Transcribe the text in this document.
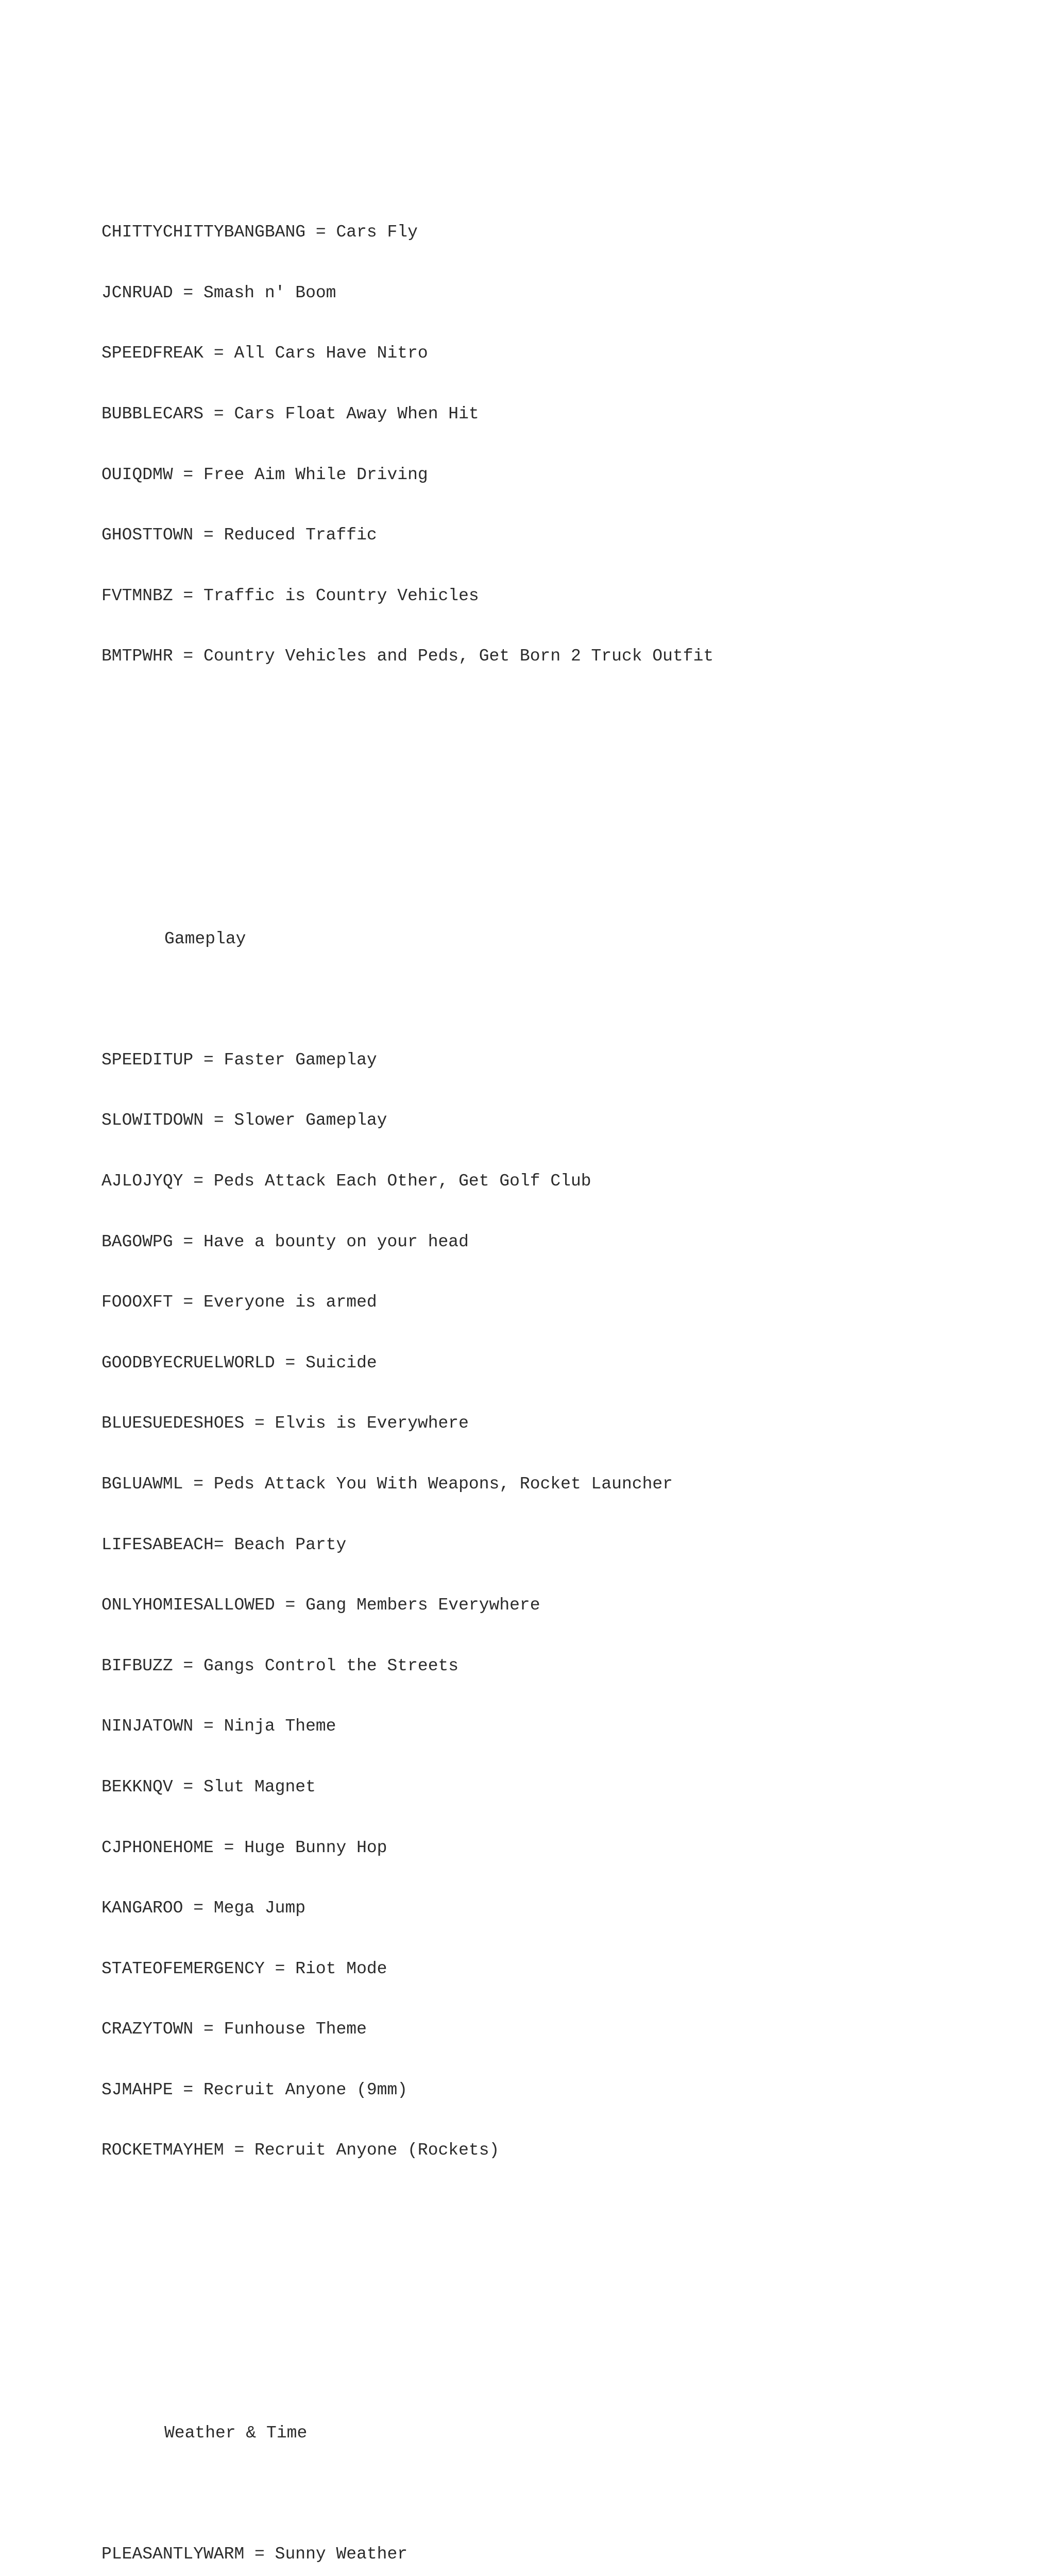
CHITTYCHITTYBANGBANG = Cars Fly

JCNRUAD = Smash n' Boom

SPEEDFREAK = All Cars Have Nitro

BUBBLECARS = Cars Float Away When Hit

OUIQDMW = Free Aim While Driving

GHOSTTOWN = Reduced Traffic

FVTMNBZ = Traffic is Country Vehicles

BMTPWHR = Country Vehicles and Peds, Get Born 2 Truck Outfit

Gameplay

SPEEDITUP = Faster Gameplay

SLOWITDOWN = Slower Gameplay

AJLOJYQY = Peds Attack Each Other, Get Golf Club

BAGOWPG = Have a bounty on your head

FOOOXFT = Everyone is armed

GOODBYECRUELWORLD = Suicide

BLUESUEDESHOES = Elvis is Everywhere

BGLUAWML = Peds Attack You With Weapons, Rocket Launcher

LIFESABEACH= Beach Party

ONLYHOMIESALLOWED = Gang Members Everywhere

BIFBUZZ = Gangs Control the Streets

NINJATOWN = Ninja Theme

BEKKNQV = Slut Magnet

CJPHONEHOME = Huge Bunny Hop

KANGAROO = Mega Jump

STATEOFEMERGENCY = Riot Mode

CRAZYTOWN = Funhouse Theme

SJMAHPE = Recruit Anyone (9mm)

ROCKETMAYHEM = Recruit Anyone (Rockets)

Weather & Time

PLEASANTLYWARM = Sunny Weather
